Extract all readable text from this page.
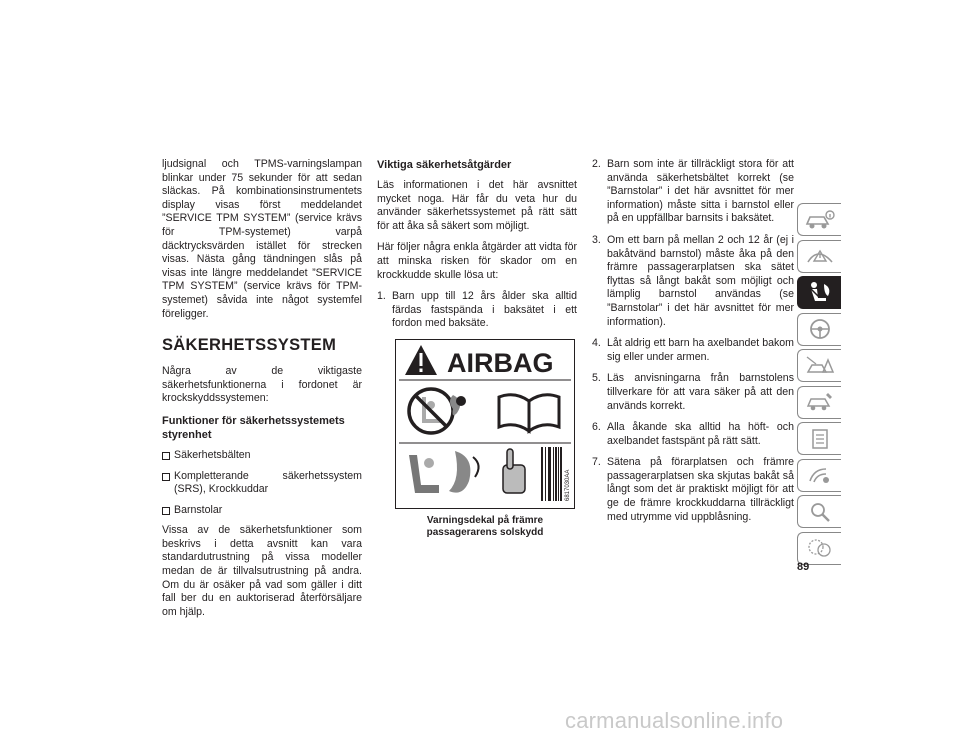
ljudsignal och TPMS-varningslampan blinkar under 75 sekunder för att sedan släckas. På kombinationsinstrumentets display visas först meddelandet ”SERVICE TPM SYSTEM” (service krävs för TPM-systemet) varpå däcktrycksvärden istället för strecken visas. Nästa gång tändningen slås på visas inte längre meddelandet ”SERVICE TPM SYSTEM” (service krävs för TPM-systemet) såvida inte något systemfel föreligger.

SÄKERHETSSYSTEM

Några av de viktigaste säkerhetsfunktionerna i fordonet är krockskyddssystemen:

Funktioner för säkerhetssystemets styrenhet
Säkerhetsbälten
Kompletterande säkerhetssystem (SRS), Krockkuddar
Barnstolar

Vissa av de säkerhetsfunktioner som beskrivs i detta avsnitt kan vara standardutrustning på vissa modeller medan de är tillvalsutrustning på andra. Om du är osäker på vad som gäller i ditt fall ber du en auktoriserad återförsäljare om hjälp.

Viktiga säkerhetsåtgärder

Läs informationen i det här avsnittet mycket noga. Här får du veta hur du använder säkerhetssystemet på rätt sätt för att åka så säkert som möjligt.

Här följer några enkla åtgärder att vidta för att minska risken för skador om en krockkudde skulle lösa ut:

1. Barn upp till 12 års ålder ska alltid färdas fastspända i baksätet i ett fordon med baksäte.
AIRBAG
6817030AA
Varningsdekal på främre passagerarens solskydd
2. Barn som inte är tillräckligt stora för att använda säkerhetsbältet korrekt (se ”Barnstolar” i det här avsnittet för mer information) måste sitta i barnstol eller på en uppfällbar barnsits i baksätet.
3. Om ett barn på mellan 2 och 12 år (ej i bakåtvänd barnstol) måste åka på den främre passagerarplatsen ska sätet flyttas så långt bakåt som möjligt och lämplig barnstol användas (se ”Barnstolar” i det här avsnittet för mer information).
4. Låt aldrig ett barn ha axelbandet bakom sig eller under armen.
5. Läs anvisningarna från barnstolens tillverkare för att vara säker på att den används korrekt.
6. Alla åkande ska alltid ha höft- och axelbandet fastspänt på rätt sätt.
7. Sätena på förarplatsen och främre passagerarplatsen ska skjutas bakåt så långt som det är praktiskt möjligt för att ge de främre krockkuddarna tillräckligt med utrymme vid uppblåsning.
89
carmanualsonline.info
